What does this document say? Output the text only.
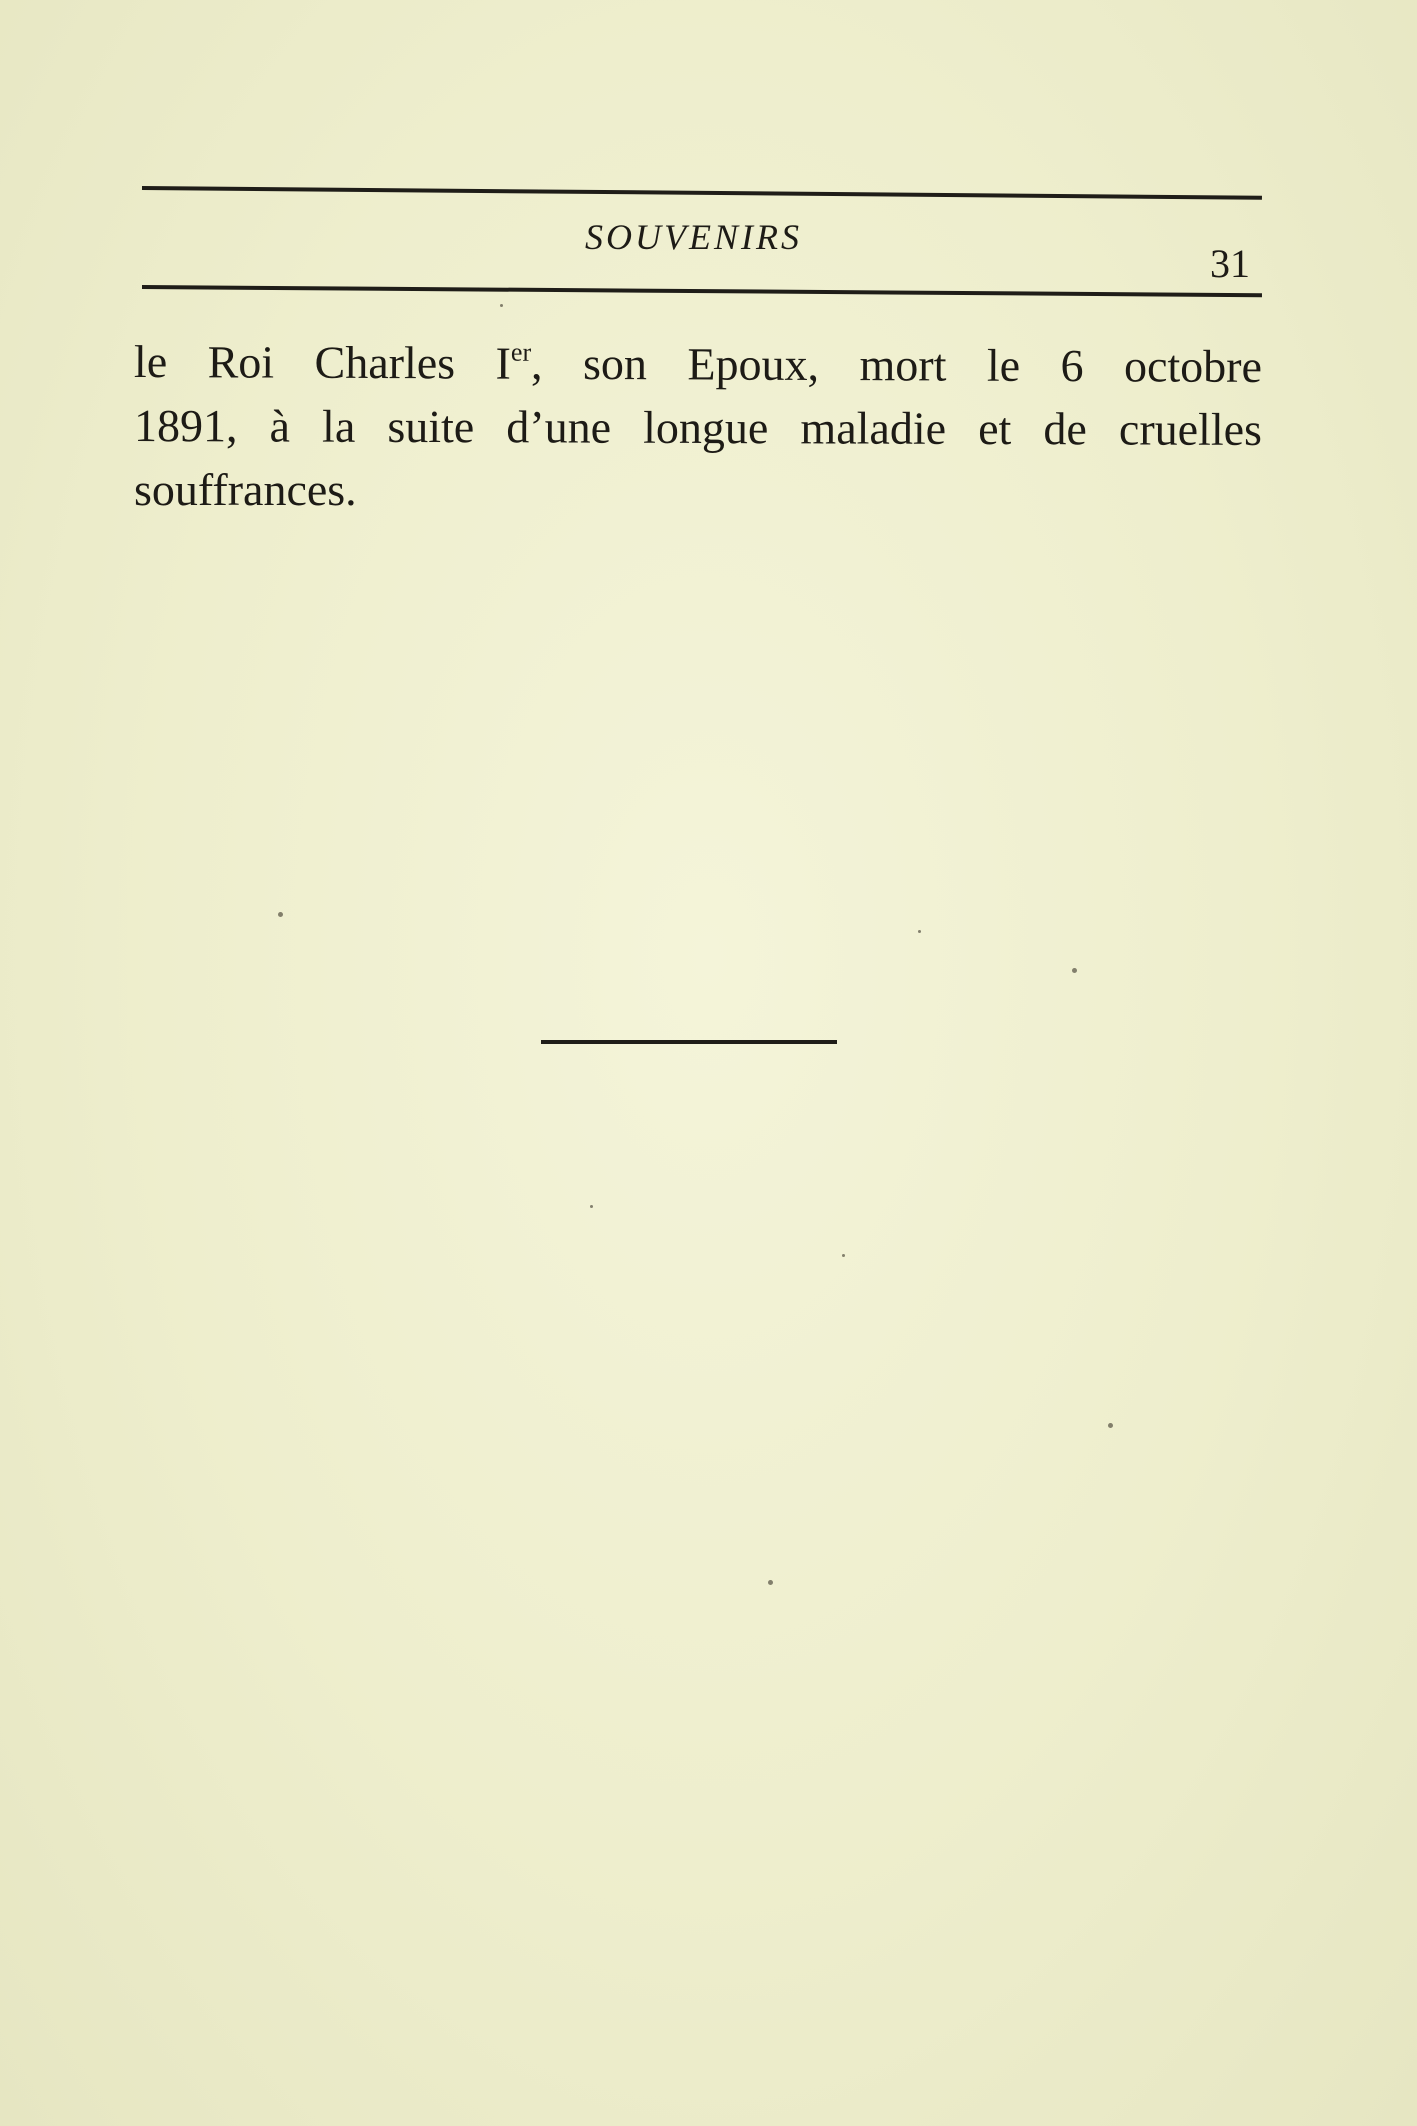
SOUVENIRS
31
le Roi Charles Ier, son Epoux, mort le 6 octobre
1891, à la suite d’une longue maladie et de cruelles
souffrances.
